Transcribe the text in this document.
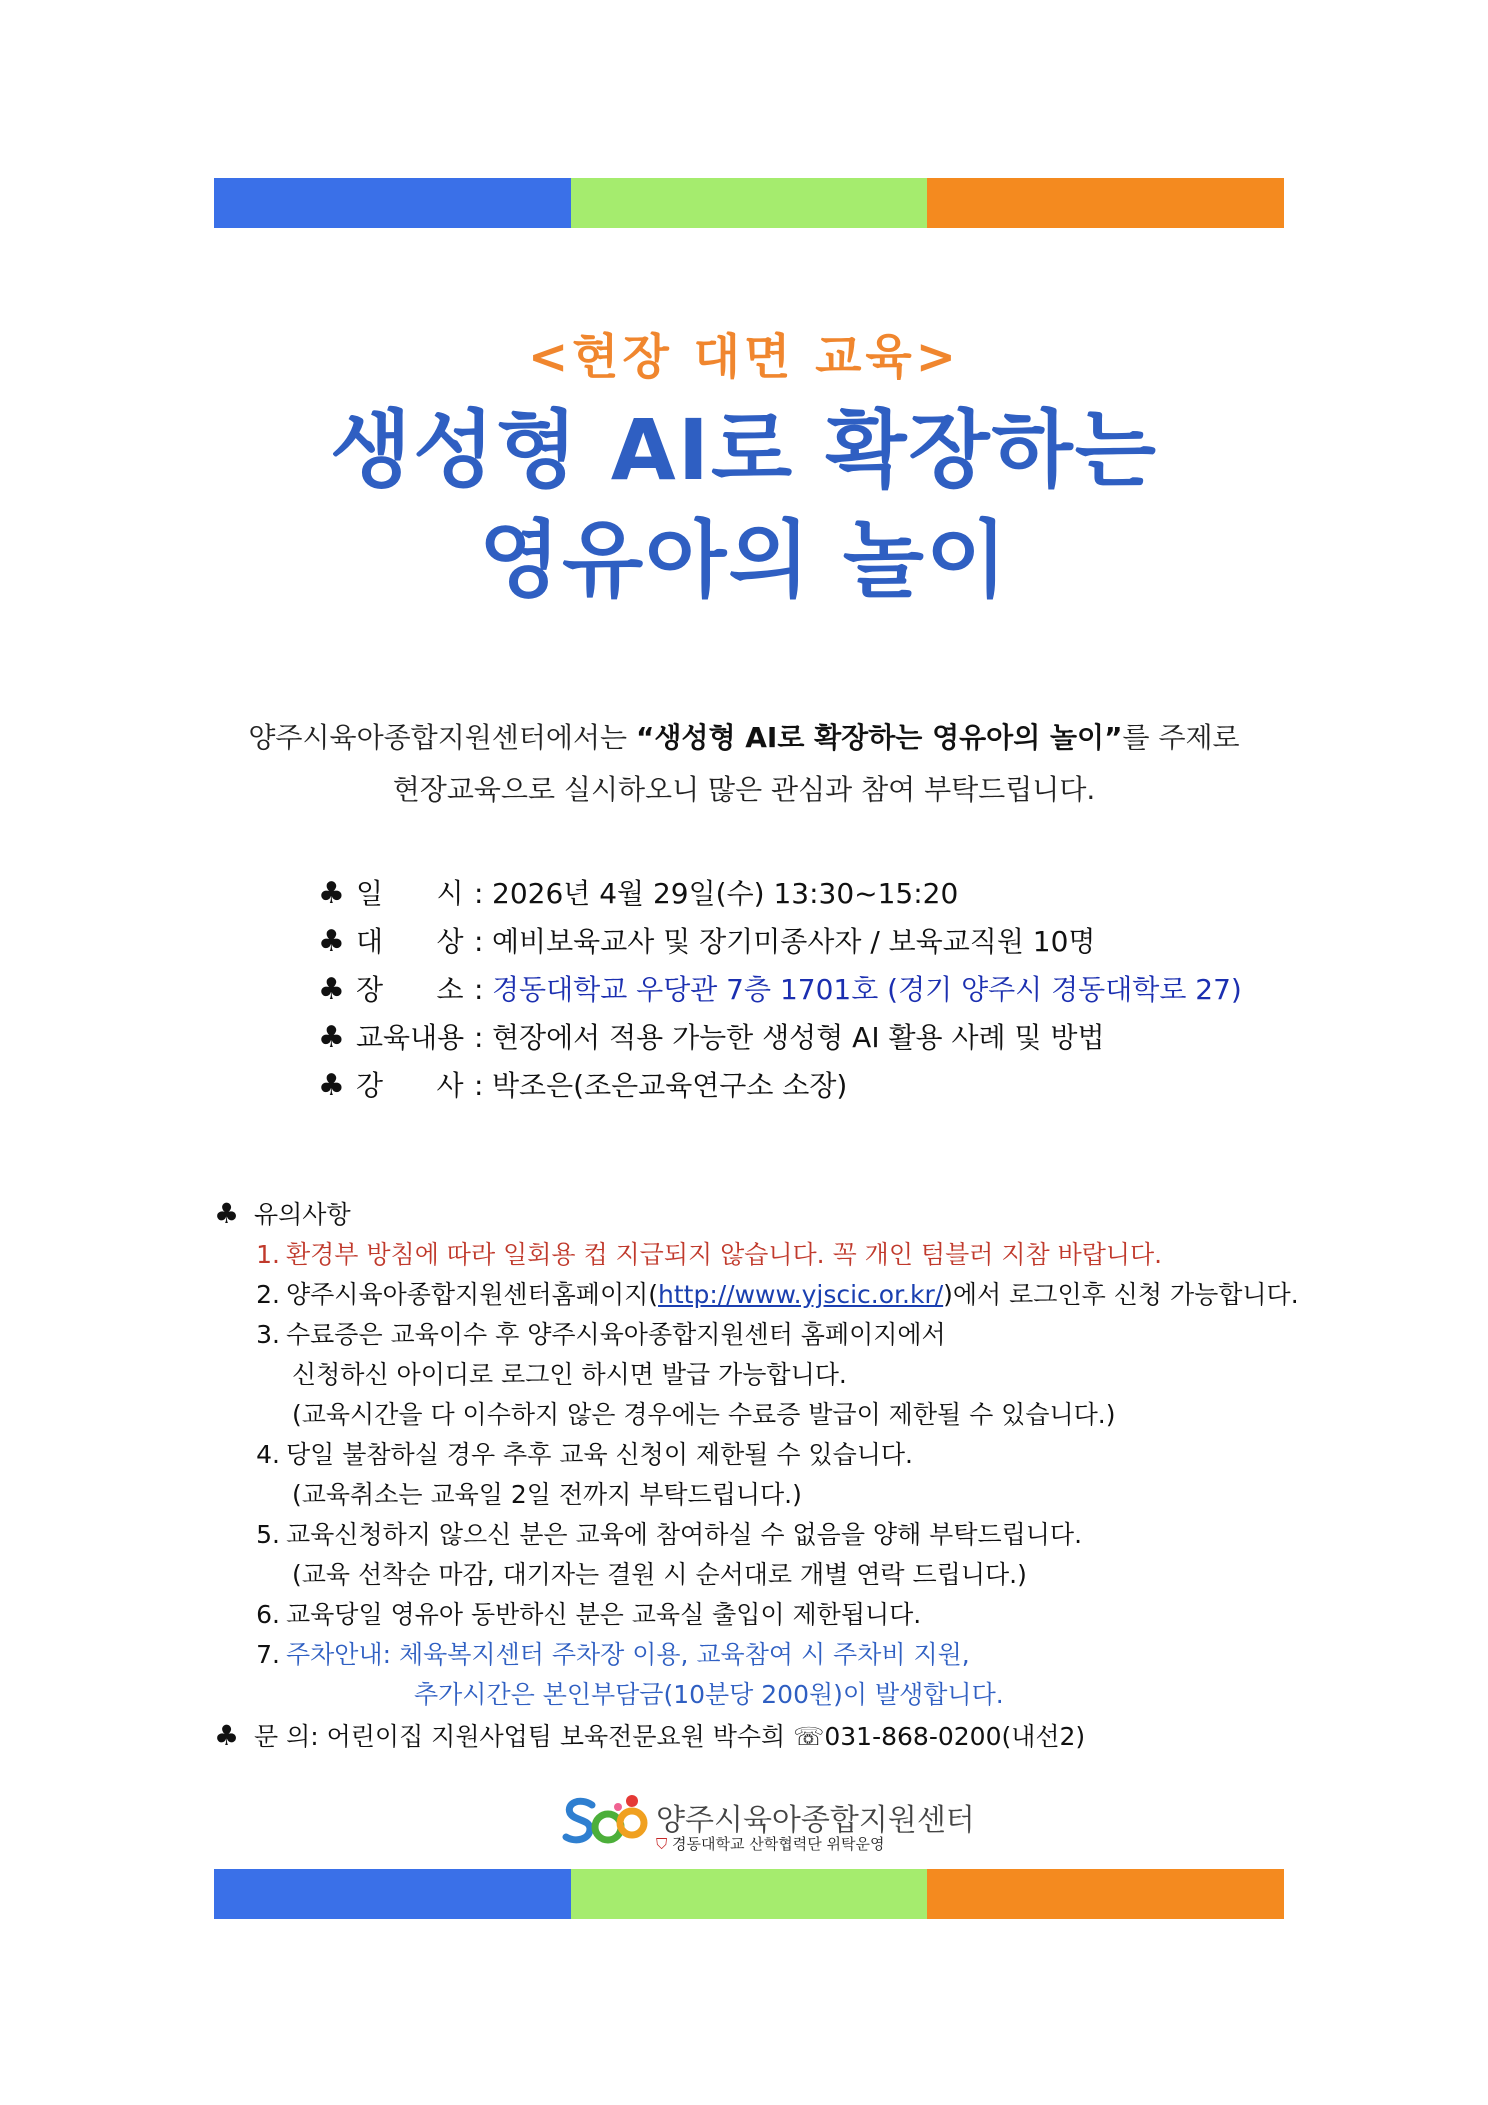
<현장 대면 교육>
생성형 AI로 확장하는
영유아의 놀이
양주시육아종합지원센터에서는 “생성형 AI로 확장하는 영유아의 놀이”를 주제로
현장교육으로 실시하오니 많은 관심과 참여 부탁드립니다.
♣ 일      시 : 2026년 4월 29일(수) 13:30~15:20
♣ 대      상 : 예비보육교사 및 장기미종사자 / 보육교직원 10명
♣ 장      소 : 경동대학교 우당관 7층 1701호 (경기 양주시 경동대학로 27)
♣ 교육내용 : 현장에서 적용 가능한 생성형 AI 활용 사례 및 방법
♣ 강      사 : 박조은(조은교육연구소 소장)
♣ 유의사항
1. 환경부 방침에 따라 일회용 컵 지급되지 않습니다. 꼭 개인 텀블러 지참 바랍니다.
2. 양주시육아종합지원센터홈페이지(http://www.yjscic.or.kr/)에서 로그인후 신청 가능합니다.
3. 수료증은 교육이수 후 양주시육아종합지원센터 홈페이지에서
신청하신 아이디로 로그인 하시면 발급 가능합니다.
(교육시간을 다 이수하지 않은 경우에는 수료증 발급이 제한될 수 있습니다.)
4. 당일 불참하실 경우 추후 교육 신청이 제한될 수 있습니다.
(교육취소는 교육일 2일 전까지 부탁드립니다.)
5. 교육신청하지 않으신 분은 교육에 참여하실 수 없음을 양해 부탁드립니다.
(교육 선착순 마감, 대기자는 결원 시 순서대로 개별 연락 드립니다.)
6. 교육당일 영유아 동반하신 분은 교육실 출입이 제한됩니다.
7. 주차안내: 체육복지센터 주차장 이용, 교육참여 시 주차비 지원,
추가시간은 본인부담금(10분당 200원)이 발생합니다.
♣ 문 의:
어린이집 지원사업팀 보육전문요원 박수희 ☏031-868-0200(내선2)
양주시육아종합지원센터
⛉ 경동대학교 산학협력단 위탁운영
